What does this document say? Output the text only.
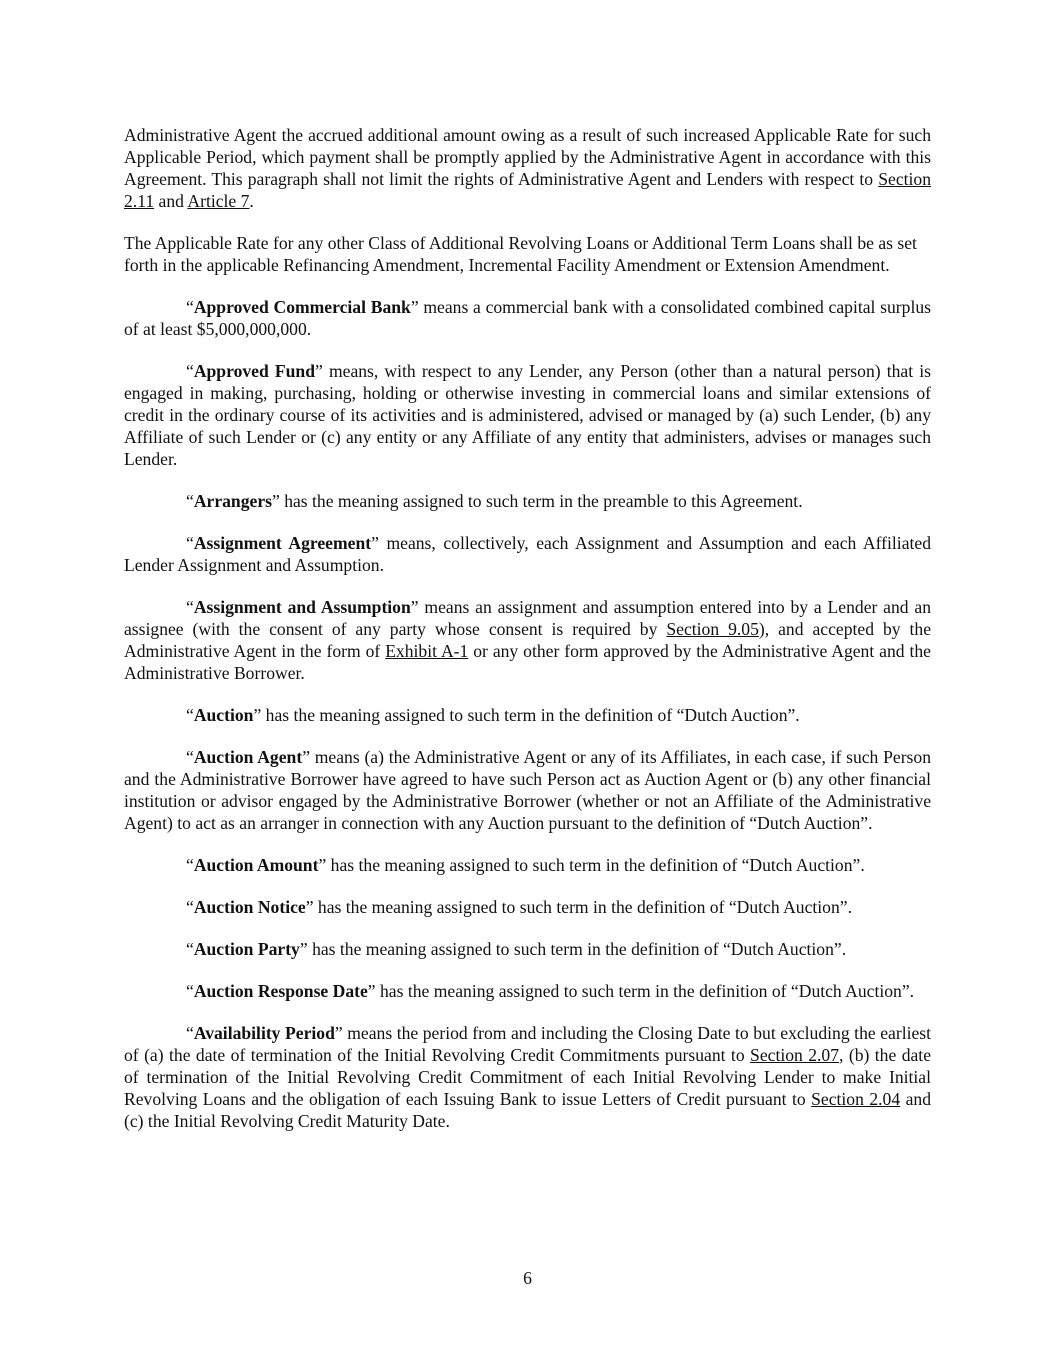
Administrative Agent the accrued additional amount owing as a result of such increased Applicable Rate for such Applicable Period, which payment shall be promptly applied by the Administrative Agent in accordance with this Agreement. This paragraph shall not limit the rights of Administrative Agent and Lenders with respect to Section 2.11 and Article 7.

The Applicable Rate for any other Class of Additional Revolving Loans or Additional Term Loans shall be as set forth in the applicable Refinancing Amendment, Incremental Facility Amendment or Extension Amendment.

“Approved Commercial Bank” means a commercial bank with a consolidated combined capital surplus of at least $5,000,000,000.

“Approved Fund” means, with respect to any Lender, any Person (other than a natural person) that is engaged in making, purchasing, holding or otherwise investing in commercial loans and similar extensions of credit in the ordinary course of its activities and is administered, advised or managed by (a) such Lender, (b) any Affiliate of such Lender or (c) any entity or any Affiliate of any entity that administers, advises or manages such Lender.

“Arrangers” has the meaning assigned to such term in the preamble to this Agreement.

“Assignment Agreement” means, collectively, each Assignment and Assumption and each Affiliated Lender Assignment and Assumption.

“Assignment and Assumption” means an assignment and assumption entered into by a Lender and an assignee (with the consent of any party whose consent is required by Section 9.05), and accepted by the Administrative Agent in the form of Exhibit A-1 or any other form approved by the Administrative Agent and the Administrative Borrower.

“Auction” has the meaning assigned to such term in the definition of “Dutch Auction”.

“Auction Agent” means (a) the Administrative Agent or any of its Affiliates, in each case, if such Person and the Administrative Borrower have agreed to have such Person act as Auction Agent or (b) any other financial institution or advisor engaged by the Administrative Borrower (whether or not an Affiliate of the Administrative Agent) to act as an arranger in connection with any Auction pursuant to the definition of “Dutch Auction”.

“Auction Amount” has the meaning assigned to such term in the definition of “Dutch Auction”.

“Auction Notice” has the meaning assigned to such term in the definition of “Dutch Auction”.

“Auction Party” has the meaning assigned to such term in the definition of “Dutch Auction”.

“Auction Response Date” has the meaning assigned to such term in the definition of “Dutch Auction”.

“Availability Period” means the period from and including the Closing Date to but excluding the earliest of (a) the date of termination of the Initial Revolving Credit Commitments pursuant to Section 2.07, (b) the date of termination of the Initial Revolving Credit Commitment of each Initial Revolving Lender to make Initial Revolving Loans and the obligation of each Issuing Bank to issue Letters of Credit pursuant to Section 2.04 and (c) the Initial Revolving Credit Maturity Date.

6
